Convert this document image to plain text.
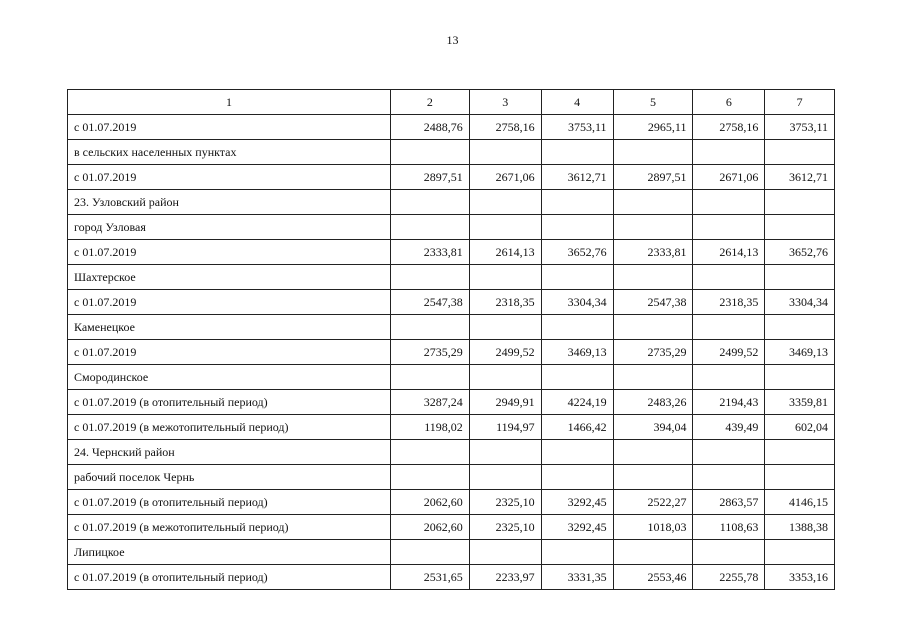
13
1	2	3	4	5	6	7
с 01.07.2019	2488,76	2758,16	3753,11	2965,11	2758,16	3753,11
в сельских населенных пунктах						
с 01.07.2019	2897,51	2671,06	3612,71	2897,51	2671,06	3612,71
23. Узловский район						
город Узловая						
с 01.07.2019	2333,81	2614,13	3652,76	2333,81	2614,13	3652,76
Шахтерское						
с 01.07.2019	2547,38	2318,35	3304,34	2547,38	2318,35	3304,34
Каменецкое						
с 01.07.2019	2735,29	2499,52	3469,13	2735,29	2499,52	3469,13
Смородинское						
с 01.07.2019 (в отопительный период)	3287,24	2949,91	4224,19	2483,26	2194,43	3359,81
с 01.07.2019 (в межотопительный период)	1198,02	1194,97	1466,42	394,04	439,49	602,04
24. Чернский район						
рабочий поселок Чернь						
с 01.07.2019 (в отопительный период)	2062,60	2325,10	3292,45	2522,27	2863,57	4146,15
с 01.07.2019 (в межотопительный период)	2062,60	2325,10	3292,45	1018,03	1108,63	1388,38
Липицкое						
с 01.07.2019 (в отопительный период)	2531,65	2233,97	3331,35	2553,46	2255,78	3353,16
